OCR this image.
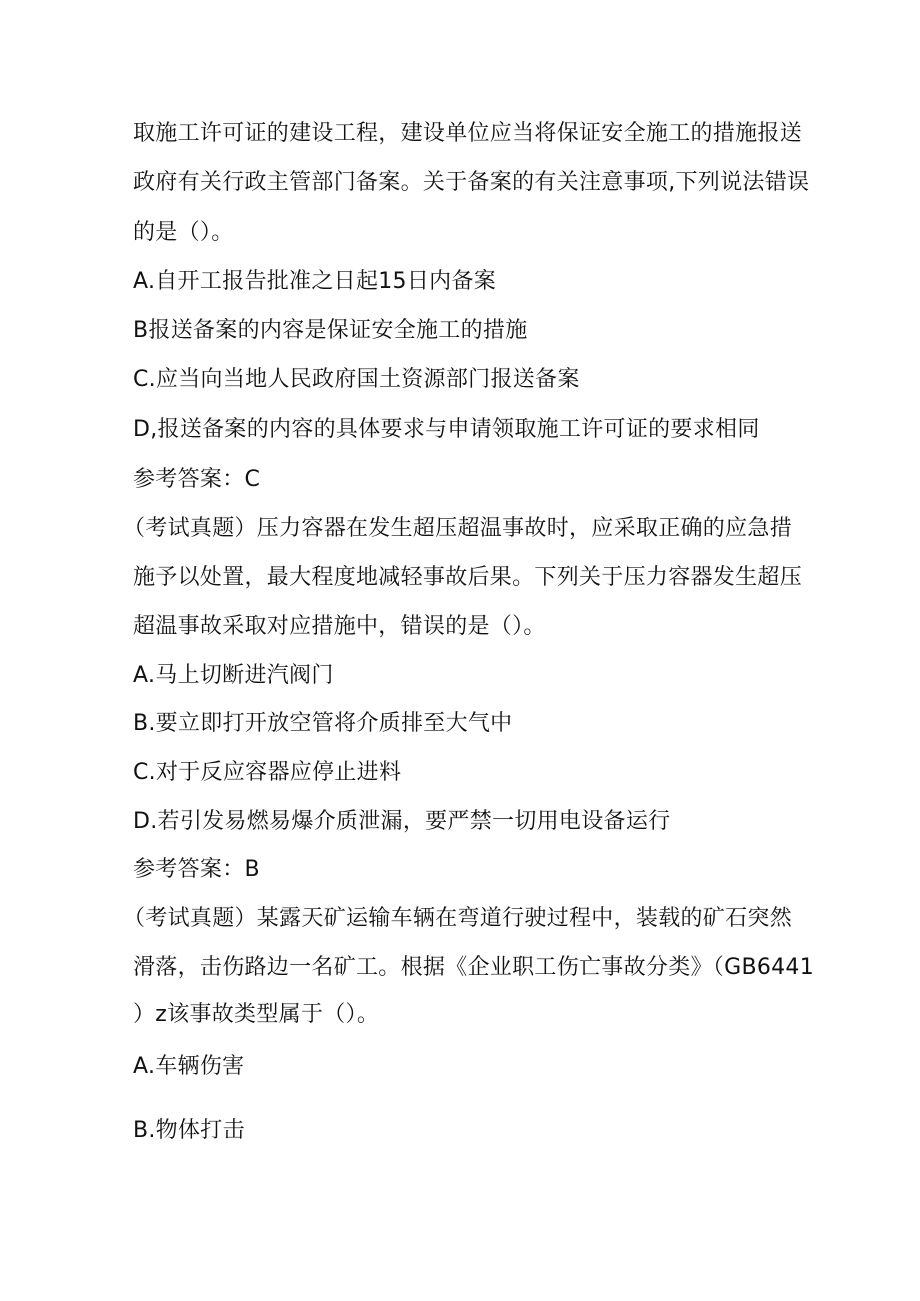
取施工许可证的建设工程，建设单位应当将保证安全施工的措施报送
政府有关行政主管部门备案。关于备案的有关注意事项,下列说法错误
的是（）。
A.自开工报告批准之日起15日内备案
B报送备案的内容是保证安全施工的措施
C.应当向当地人民政府国土资源部门报送备案
D,报送备案的内容的具体要求与申请领取施工许可证的要求相同
参考答案：C
（考试真题）压力容器在发生超压超温事故时，应采取正确的应急措
施予以处置，最大程度地减轻事故后果。下列关于压力容器发生超压
超温事故采取对应措施中，错误的是（）。
A.马上切断进汽阀门
B.要立即打开放空管将介质排至大气中
C.对于反应容器应停止进料
D.若引发易燃易爆介质泄漏，要严禁一切用电设备运行
参考答案：B
（考试真题）某露天矿运输车辆在弯道行驶过程中，装载的矿石突然
滑落，击伤路边一名矿工。根据《企业职工伤亡事故分类》（GB6441
）z该事故类型属于（）。
A.车辆伤害
B.物体打击
